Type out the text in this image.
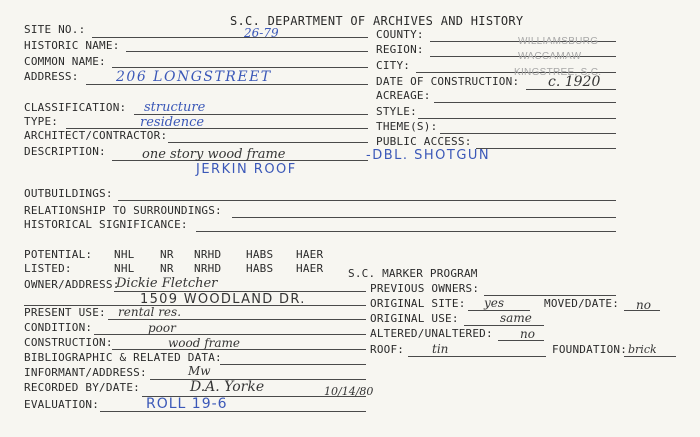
S.C. DEPARTMENT OF ARCHIVES AND HISTORY
SITE NO.:	26-79
HISTORIC NAME:
COMMON NAME:
ADDRESS:	206 LONGSTREET
CLASSIFICATION: structure
TYPE:	residence
ARCHITECT/CONTRACTOR:
DESCRIPTION:	one story wood frame	-DBL. SHOTGUN
JERKIN ROOF
OUTBUILDINGS:
RELATIONSHIP TO SURROUNDINGS:
HISTORICAL SIGNIFICANCE:
POTENTIAL: NHL NR NRHD HABS HAER
LISTED:	NHL NR NRHD HABS HAER
OWNER/ADDRESS:
Dickie Fletcher
1509 WOODLAND DR.
PRESENT USE: rental res.
CONDITION:	poor
CONSTRUCTION:	wood frame
BIBLIOGRAPHIC & RELATED DATA:
INFORMANT/ADDRESS:	Mw
RECORDED BY/DATE:	D.A. Yorke	10/14/80
EVALUATION:	ROLL 19-6
COUNTY:
WILLIAMSBURG
REGION:
WACCAMAW
CITY:
KINGSTREE, S.C.
DATE OF CONSTRUCTION: c. 1920
ACREAGE:
STYLE:
THEME(S):
PUBLIC ACCESS:
S.C. MARKER PROGRAM
PREVIOUS OWNERS:
ORIGINAL SITE: yes	MOVED/DATE: no
ORIGINAL USE:	same
ALTERED/UNALTERED: no
ROOF: tin	FOUNDATION: brick
